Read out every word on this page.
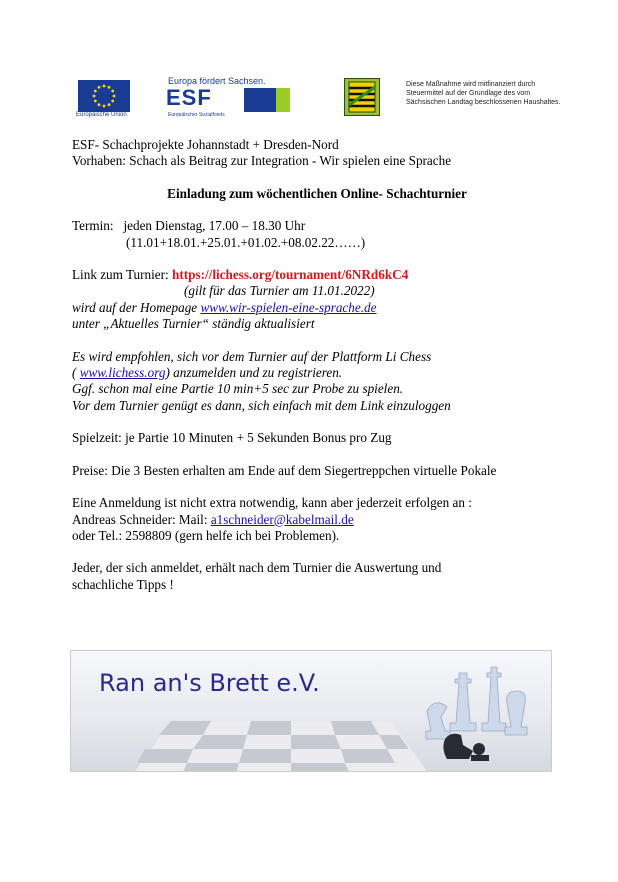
Europäische Union
Europa fördert Sachsen.
ESF
Europäischer Sozialfonds
Diese Maßnahme wird mitfinanziert durch Steuermittel auf der Grundlage des vom Sächsischen Landtag beschlossenen Haushaltes.

ESF- Schachprojekte Johannstadt + Dresden-Nord

Vorhaben: Schach als Beitrag zur Integration - Wir spielen eine Sprache

Einladung zum wöchentlichen Online- Schachturnier

Termin: jeden Dienstag, 17.00 – 18.30 Uhr

(11.01+18.01.+25.01.+01.02.+08.02.22……)

Link zum Turnier: https://lichess.org/tournament/6NRd6kC4

(gilt für das Turnier am 11.01.2022)

wird auf der Homepage www.wir-spielen-eine-sprache.de

unter „Aktuelles Turnier“ ständig aktualisiert

Es wird empfohlen, sich vor dem Turnier auf der Plattform Li Chess

( www.lichess.org) anzumelden und zu registrieren.

Ggf. schon mal eine Partie 10 min+5 sec zur Probe zu spielen.

Vor dem Turnier genügt es dann, sich einfach mit dem Link einzuloggen

Spielzeit: je Partie 10 Minuten + 5 Sekunden Bonus pro Zug

Preise: Die 3 Besten erhalten am Ende auf dem Siegertreppchen virtuelle Pokale

Eine Anmeldung ist nicht extra notwendig, kann aber jederzeit erfolgen an :

Andreas Schneider: Mail: a1schneider@kabelmail.de

oder Tel.: 2598809 (gern helfe ich bei Problemen).

Jeder, der sich anmeldet, erhält nach dem Turnier die Auswertung und

schachliche Tipps !

Ran an's Brett e.V.
